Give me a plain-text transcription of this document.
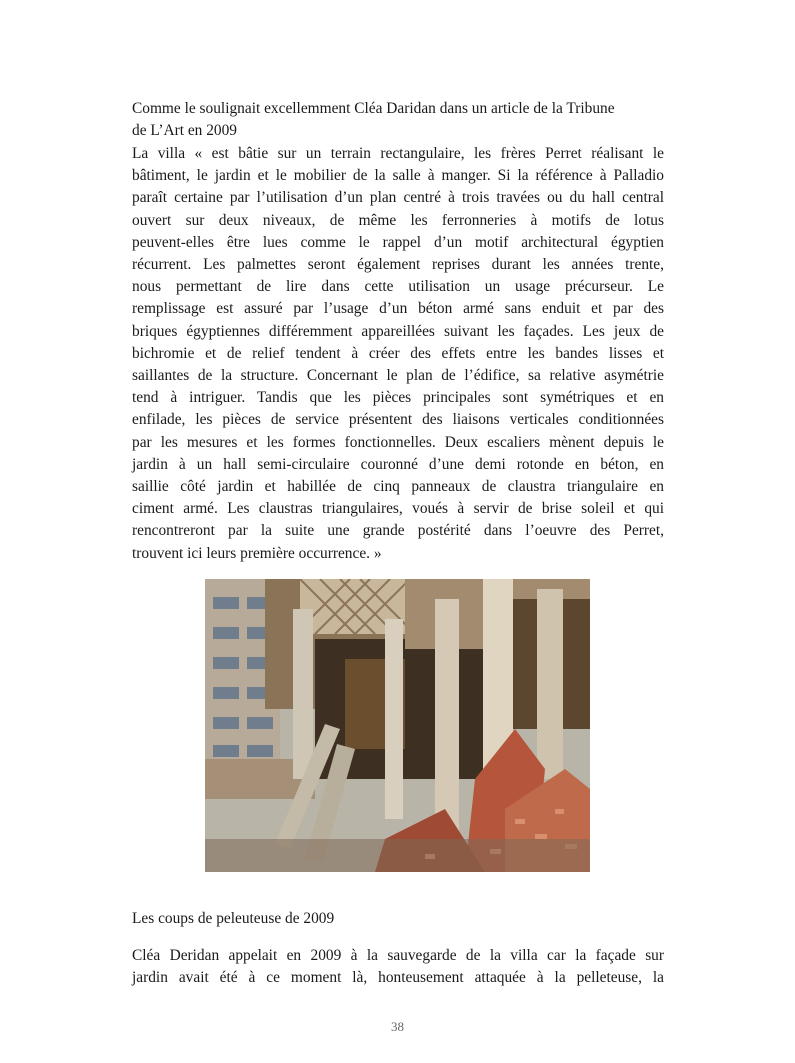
Comme le soulignait excellemment Cléa Daridan dans un article de la Tribune

de L’Art en 2009

La villa « est bâtie sur un terrain rectangulaire, les frères Perret réalisant le

bâtiment, le jardin et le mobilier de la salle à manger. Si la référence à Palladio

paraît certaine par l’utilisation d’un plan centré à trois travées ou du hall central

ouvert sur deux niveaux, de même les ferronneries à motifs de lotus

peuvent-elles être lues comme le rappel d’un motif architectural égyptien

récurrent. Les palmettes seront également reprises durant les années trente,

nous permettant de lire dans cette utilisation un usage précurseur. Le

remplissage est assuré par l’usage d’un béton armé sans enduit et par des

briques égyptiennes différemment appareillées suivant les façades. Les jeux de

bichromie et de relief tendent à créer des effets entre les bandes lisses et

saillantes de la structure. Concernant le plan de l’édifice, sa relative asymétrie

tend à intriguer. Tandis que les pièces principales sont symétriques et en

enfilade, les pièces de service présentent des liaisons verticales conditionnées

par les mesures et les formes fonctionnelles. Deux escaliers mènent depuis le

jardin à un hall semi-circulaire couronné d’une demi rotonde en béton, en

saillie côté jardin et habillée de cinq panneaux de claustra triangulaire en

ciment armé. Les claustras triangulaires, voués à servir de brise soleil et qui

rencontreront par la suite une grande postérité dans l’oeuvre des Perret,

trouvent ici leurs première occurrence. »

Les coups de peleuteuse de 2009

Cléa Deridan appelait en 2009 à la sauvegarde de la villa car la façade sur

jardin avait été à ce moment là, honteusement attaquée à la pelleteuse, la

38
